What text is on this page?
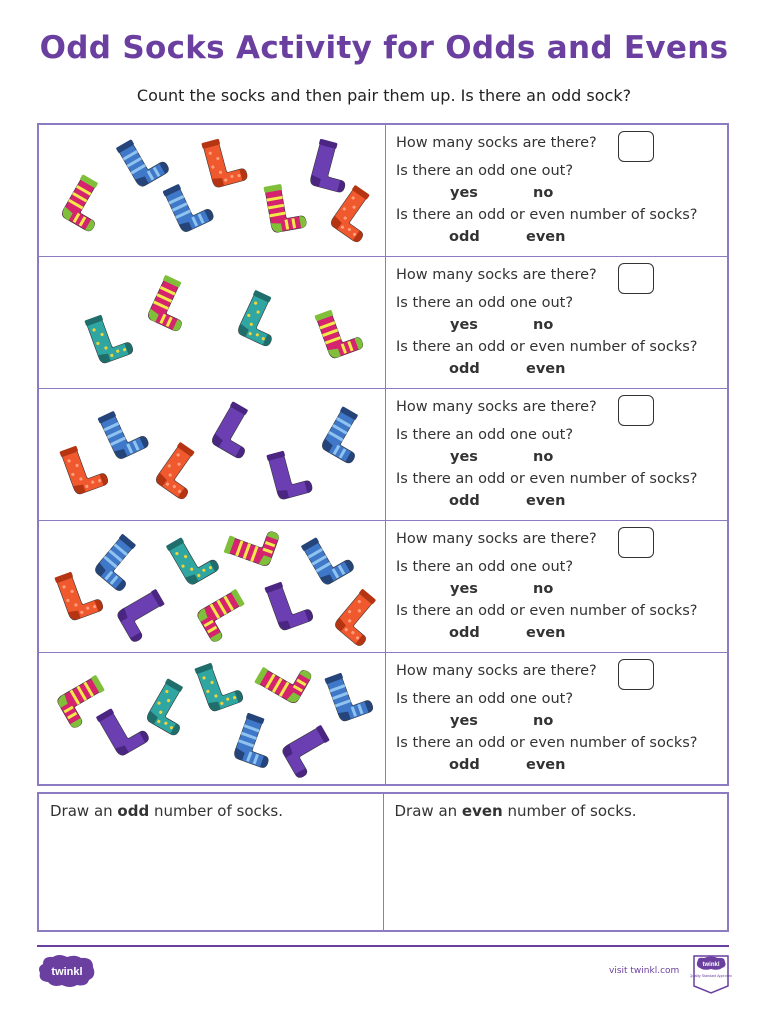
Odd Socks Activity for Odds and Evens
Count the socks and then pair them up. Is there an odd sock?
How many socks are there?
Is there an odd one out?
yes	no
Is there an odd or even number of socks?
odd	even
How many socks are there?
Is there an odd one out?
yes	no
Is there an odd or even number of socks?
odd	even
How many socks are there?
Is there an odd one out?
yes	no
Is there an odd or even number of socks?
odd	even
How many socks are there?
Is there an odd one out?
yes	no
Is there an odd or even number of socks?
odd	even
How many socks are there?
Is there an odd one out?
yes	no
Is there an odd or even number of socks?
odd	even
Draw an odd number of socks.	Draw an even number of socks.
twinkl	visit twinkl.com
twinkl
Quality Standard Approved
